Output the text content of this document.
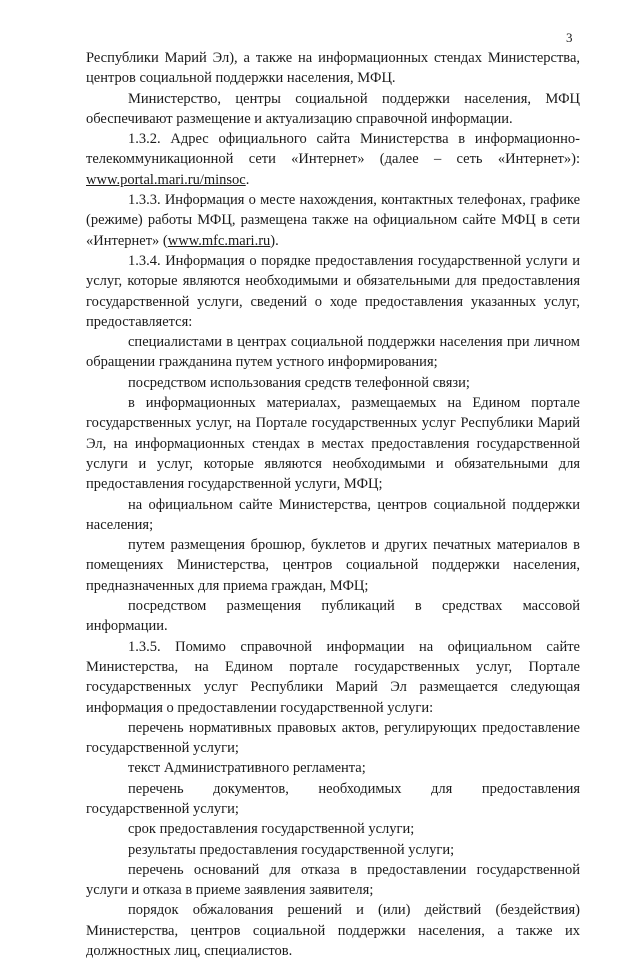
3

Республики Марий Эл), а также на информационных стендах Министерства, центров социальной поддержки населения, МФЦ.

Министерство, центры социальной поддержки населения, МФЦ обеспечивают размещение и актуализацию справочной информации.

1.3.2. Адрес официального сайта Министерства в информационно-телекоммуникационной сети «Интернет» (далее – сеть «Интернет»): www.portal.mari.ru/minsoc.

1.3.3. Информация о месте нахождения, контактных телефонах, графике (режиме) работы МФЦ, размещена также на официальном сайте МФЦ в сети «Интернет» (www.mfc.mari.ru).

1.3.4. Информация о порядке предоставления государственной услуги и услуг, которые являются необходимыми и обязательными для предоставления государственной услуги, сведений о ходе предоставления указанных услуг, предоставляется:

специалистами в центрах социальной поддержки населения при личном обращении гражданина путем устного информирования;

посредством использования средств телефонной связи;

в информационных материалах, размещаемых на Едином портале государственных услуг, на Портале государственных услуг Республики Марий Эл, на информационных стендах в местах предоставления государственной услуги и услуг, которые являются необходимыми и обязательными для предоставления государственной услуги, МФЦ;

на официальном сайте Министерства, центров социальной поддержки населения;

путем размещения брошюр, буклетов и других печатных материалов в помещениях Министерства, центров социальной поддержки населения, предназначенных для приема граждан, МФЦ;

посредством размещения публикаций в средствах массовой информации.

1.3.5. Помимо справочной информации на официальном сайте Министерства, на Едином портале государственных услуг, Портале государственных услуг Республики Марий Эл размещается следующая информация о предоставлении государственной услуги:

перечень нормативных правовых актов, регулирующих предоставление государственной услуги;

текст Административного регламента;

перечень документов, необходимых для предоставления государственной услуги;

срок предоставления государственной услуги;

результаты предоставления государственной услуги;

перечень оснований для отказа в предоставлении государственной услуги и отказа в приеме заявления заявителя;

порядок обжалования решений и (или) действий (бездействия) Министерства, центров социальной поддержки населения, а также их должностных лиц, специалистов.
